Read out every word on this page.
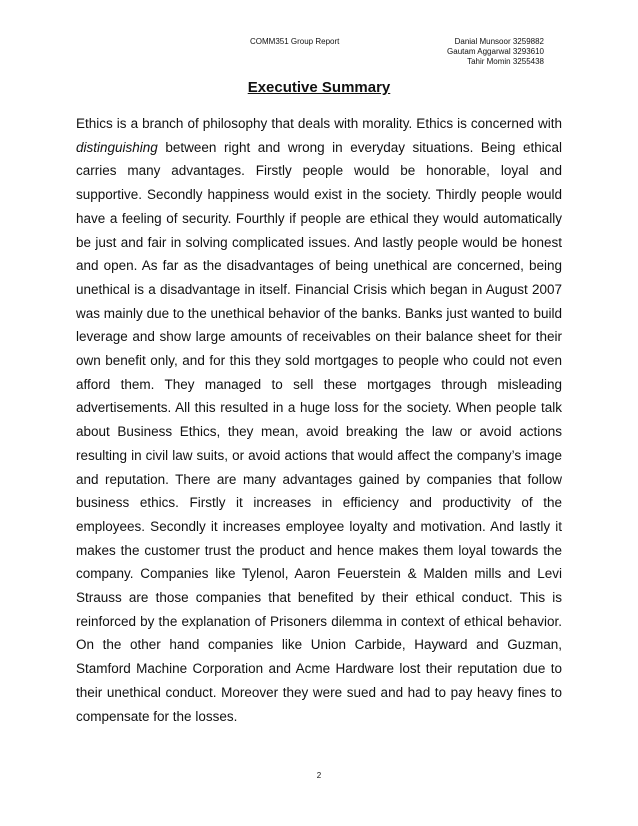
COMM351 Group Report	Danial Munsoor 3259882
Gautam Aggarwal 3293610
Tahir Momin 3255438
Executive Summary
Ethics is a branch of philosophy that deals with morality. Ethics is concerned with distinguishing between right and wrong in everyday situations. Being ethical carries many advantages. Firstly people would be honorable, loyal and supportive. Secondly happiness would exist in the society. Thirdly people would have a feeling of security. Fourthly if people are ethical they would automatically be just and fair in solving complicated issues. And lastly people would be honest and open. As far as the disadvantages of being unethical are concerned, being unethical is a disadvantage in itself. Financial Crisis which began in August 2007 was mainly due to the unethical behavior of the banks. Banks just wanted to build leverage and show large amounts of receivables on their balance sheet for their own benefit only, and for this they sold mortgages to people who could not even afford them. They managed to sell these mortgages through misleading advertisements. All this resulted in a huge loss for the society. When people talk about Business Ethics, they mean, avoid breaking the law or avoid actions resulting in civil law suits, or avoid actions that would affect the company’s image and reputation. There are many advantages gained by companies that follow business ethics. Firstly it increases in efficiency and productivity of the employees. Secondly it increases employee loyalty and motivation. And lastly it makes the customer trust the product and hence makes them loyal towards the company. Companies like Tylenol, Aaron Feuerstein & Malden mills and Levi Strauss are those companies that benefited by their ethical conduct. This is reinforced by the explanation of Prisoners dilemma in context of ethical behavior. On the other hand companies like Union Carbide, Hayward and Guzman, Stamford Machine Corporation and Acme Hardware lost their reputation due to their unethical conduct. Moreover they were sued and had to pay heavy fines to compensate for the losses.
2
